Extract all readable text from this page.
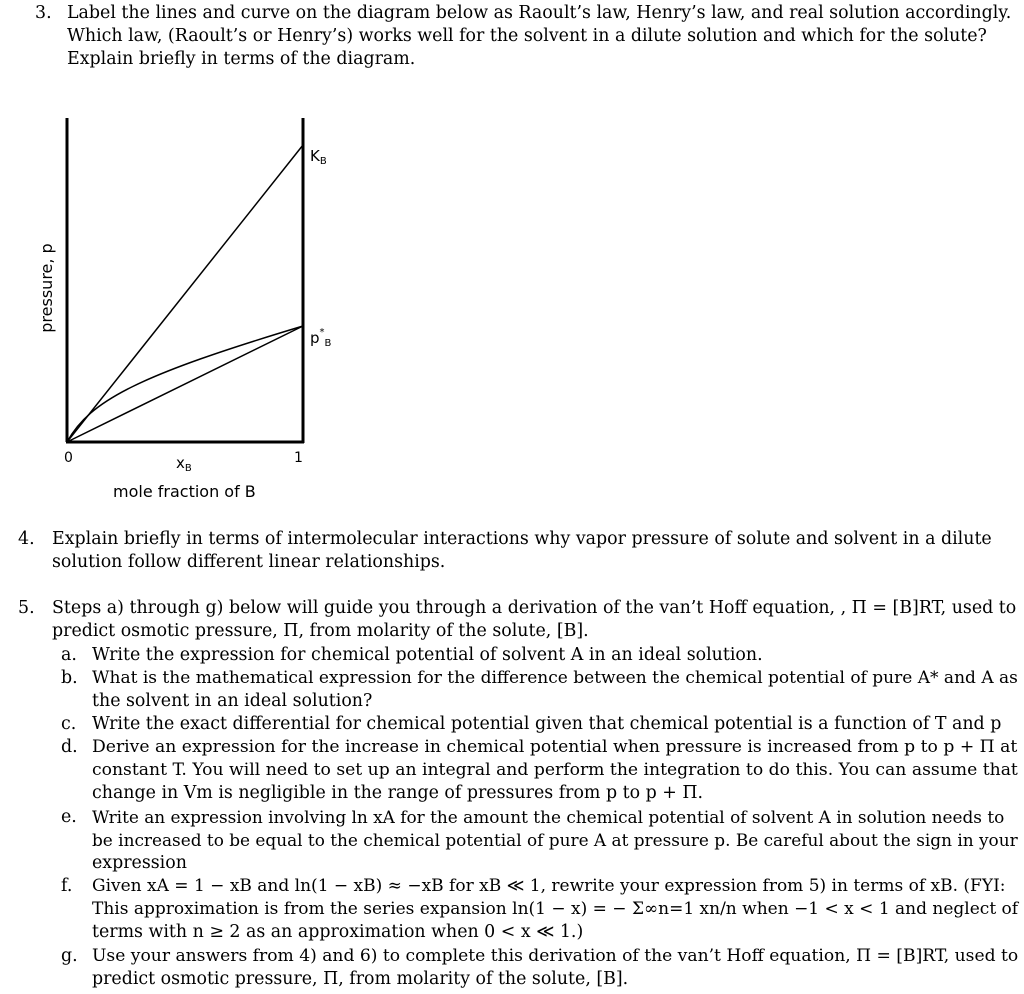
3. Label the lines and curve on the diagram below as Raoult’s law, Henry’s law, and real solution accordingly.
Which law, (Raoult’s or Henry’s) works well for the solvent in a dilute solution and which for the solute?
Explain briefly in terms of the diagram.
pressure, p
$K_B$
$p^*_B$
0	1
$x_B$
mole fraction of B
4. Explain briefly in terms of intermolecular interactions why vapor pressure of solute and solvent in a dilute
solution follow different linear relationships.
5. Steps a) through g) below will guide you through a derivation of the van’t Hoff equation, , Π = [B]RT, used to
predict osmotic pressure, Π, from molarity of the solute, [B].
a. Write the expression for chemical potential of solvent A in an ideal solution.
b. What is the mathematical expression for the difference between the chemical potential of pure A* and A as
the solvent in an ideal solution?
c. Write the exact differential for chemical potential given that chemical potential is a function of T and p
d. Derive an expression for the increase in chemical potential when pressure is increased from p to p + Π at
constant T. You will need to set up an integral and perform the integration to do this. You can assume that
change in Vm is negligible in the range of pressures from p to p + Π.
e. Write an expression involving ln xA for the amount the chemical potential of solvent A in solution needs to
be increased to be equal to the chemical potential of pure A at pressure p. Be careful about the sign in your
expression
f. Given xA = 1 − xB and ln(1 − xB) ≈ −xB for xB ≪ 1, rewrite your expression from 5) in terms of xB. (FYI:
This approximation is from the series expansion ln(1 − x) = − Σ∞n=1 xn/n when −1 < x < 1 and neglect of
terms with n ≥ 2 as an approximation when 0 < x ≪ 1.)
g. Use your answers from 4) and 6) to complete this derivation of the van’t Hoff equation, Π = [B]RT, used to
predict osmotic pressure, Π, from molarity of the solute, [B].
